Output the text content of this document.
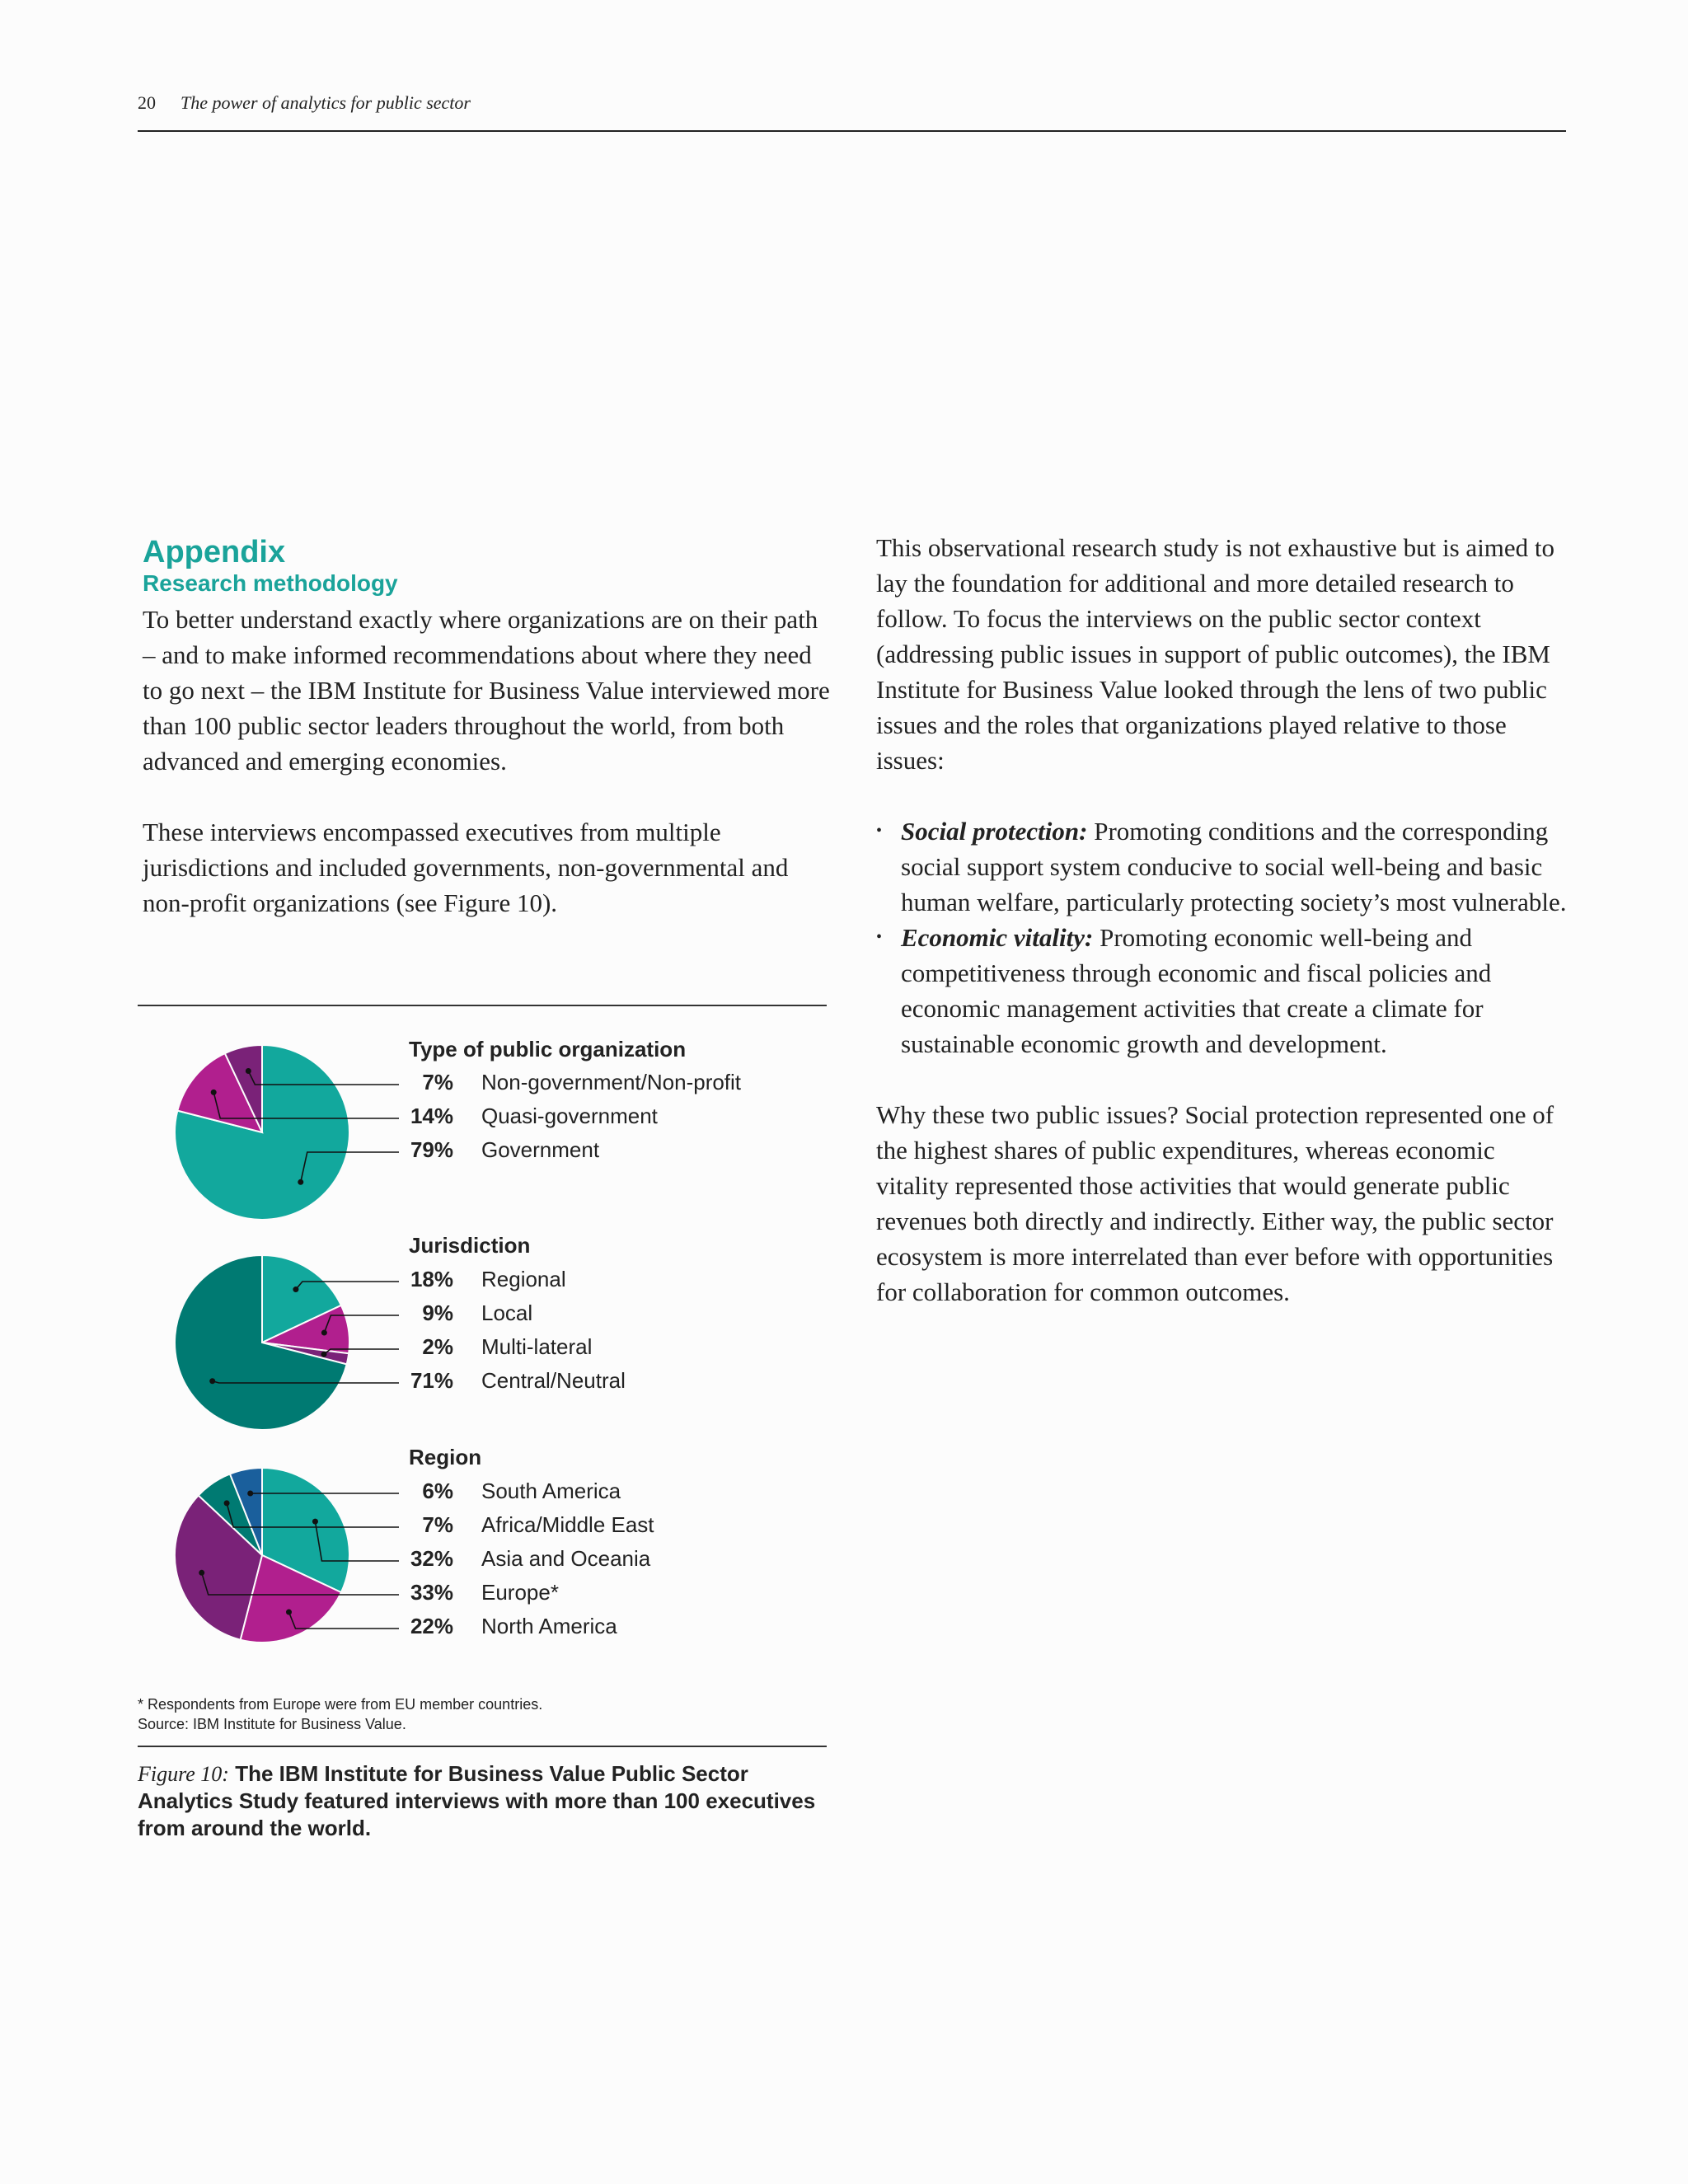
20 The power of analytics for public sector
Appendix
Research methodology

To better understand exactly where organizations are on their path – and to make informed recommendations about where they need to go next – the IBM Institute for Business Value interviewed more than 100 public sector leaders throughout the world, from both advanced and emerging economies.

These interviews encompassed executives from multiple jurisdictions and included governments, non-governmental and non-profit organizations (see Figure 10).

This observational research study is not exhaustive but is aimed to lay the foundation for additional and more detailed research to follow. To focus the interviews on the public sector context (addressing public issues in support of public outcomes), the IBM Institute for Business Value looked through the lens of two public issues and the roles that organizations played relative to those issues:

• Social protection: Promoting conditions and the corresponding social support system conducive to social well-being and basic human welfare, particularly protecting society’s most vulnerable.
• Economic vitality: Promoting economic well-being and competitiveness through economic and fiscal policies and economic management activities that create a climate for sustainable economic growth and development.

Why these two public issues? Social protection represented one of the highest shares of public expenditures, whereas economic vitality represented those activities that would generate public revenues both directly and indirectly. Either way, the public sector ecosystem is more interrelated than ever before with opportunities for collaboration for common outcomes.

Type of public organization
7% Non-government/Non-profit
14% Quasi-government
79% Government
Jurisdiction
18% Regional
9% Local
2% Multi-lateral
71% Central/Neutral
Region
6% South America
7% Africa/Middle East
32% Asia and Oceania
33% Europe*
22% North America
* Respondents from Europe were from EU member countries.
Source: IBM Institute for Business Value.
Figure 10: The IBM Institute for Business Value Public Sector Analytics Study featured interviews with more than 100 executives from around the world.
